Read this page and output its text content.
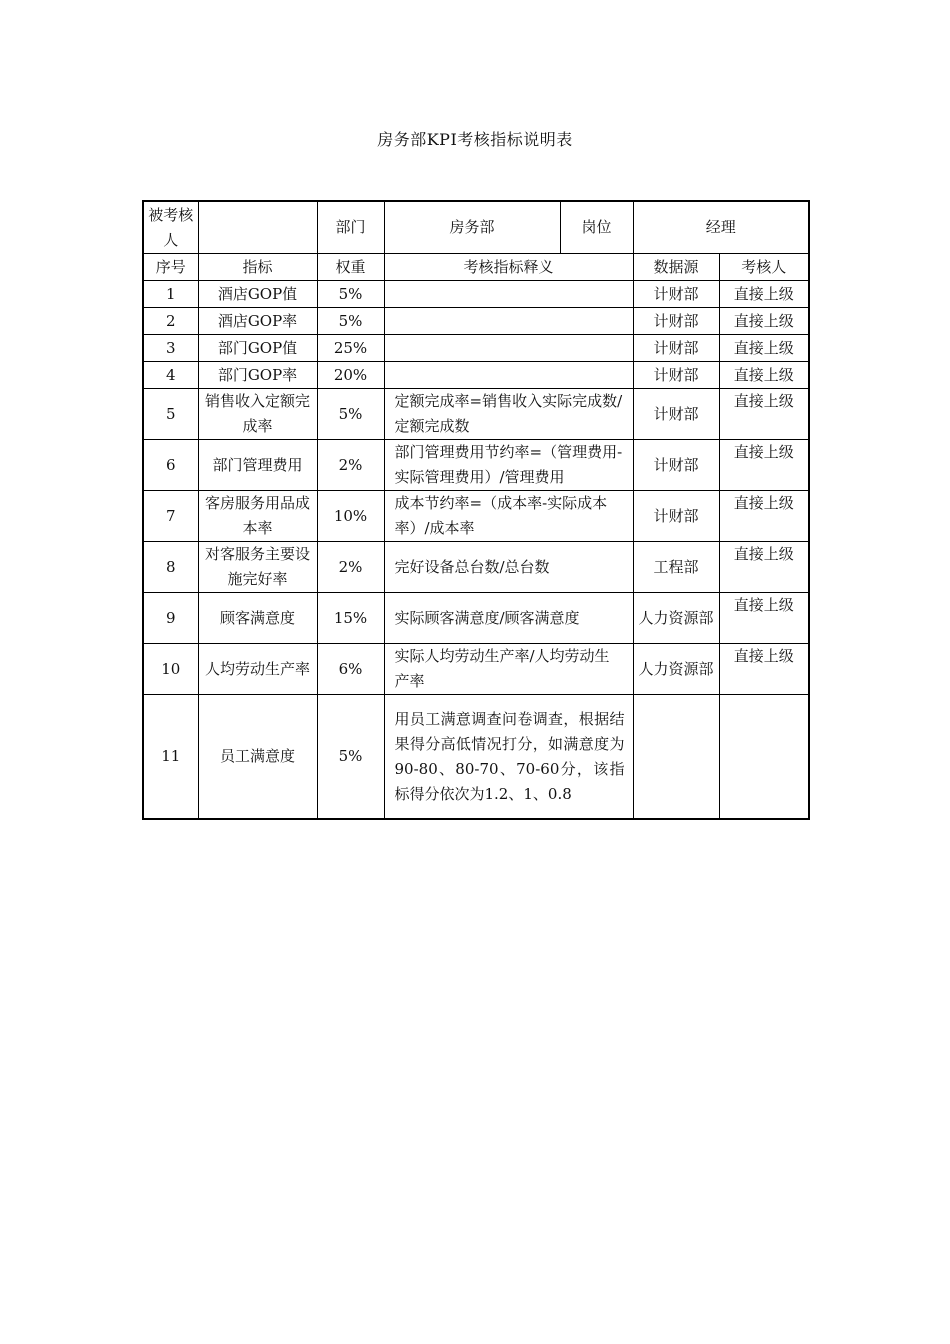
房务部KPI考核指标说明表
被考核人		部门	房务部	岗位	经理	
序号	指标	权重	考核指标释义		数据源	考核人
1	酒店GOP值	5%			计财部	直接上级
2	酒店GOP率	5%			计财部	直接上级
3	部门GOP值	25%			计财部	直接上级
4	部门GOP率	20%			计财部	直接上级
5	销售收入定额完成率	5%	定额完成率=销售收入实际完成数/定额完成数		计财部	直接上级
6	部门管理费用	2%	部门管理费用节约率=（管理费用-实际管理费用）/管理费用		计财部	直接上级
7	客房服务用品成本率	10%	成本节约率=（成本率-实际成本率）/成本率		计财部	直接上级
8	对客服务主要设施完好率	2%	完好设备总台数/总台数		工程部	直接上级
9	顾客满意度	15%	实际顾客满意度/顾客满意度		人力资源部	直接上级
10	人均劳动生产率	6%	实际人均劳动生产率/人均劳动生产率		人力资源部	直接上级
11	员工满意度	5%	用员工满意调查问卷调查，根据结果得分高低情况打分，如满意度为90-80、80-70、70-60分，该指标得分依次为1.2、1、0.8			
